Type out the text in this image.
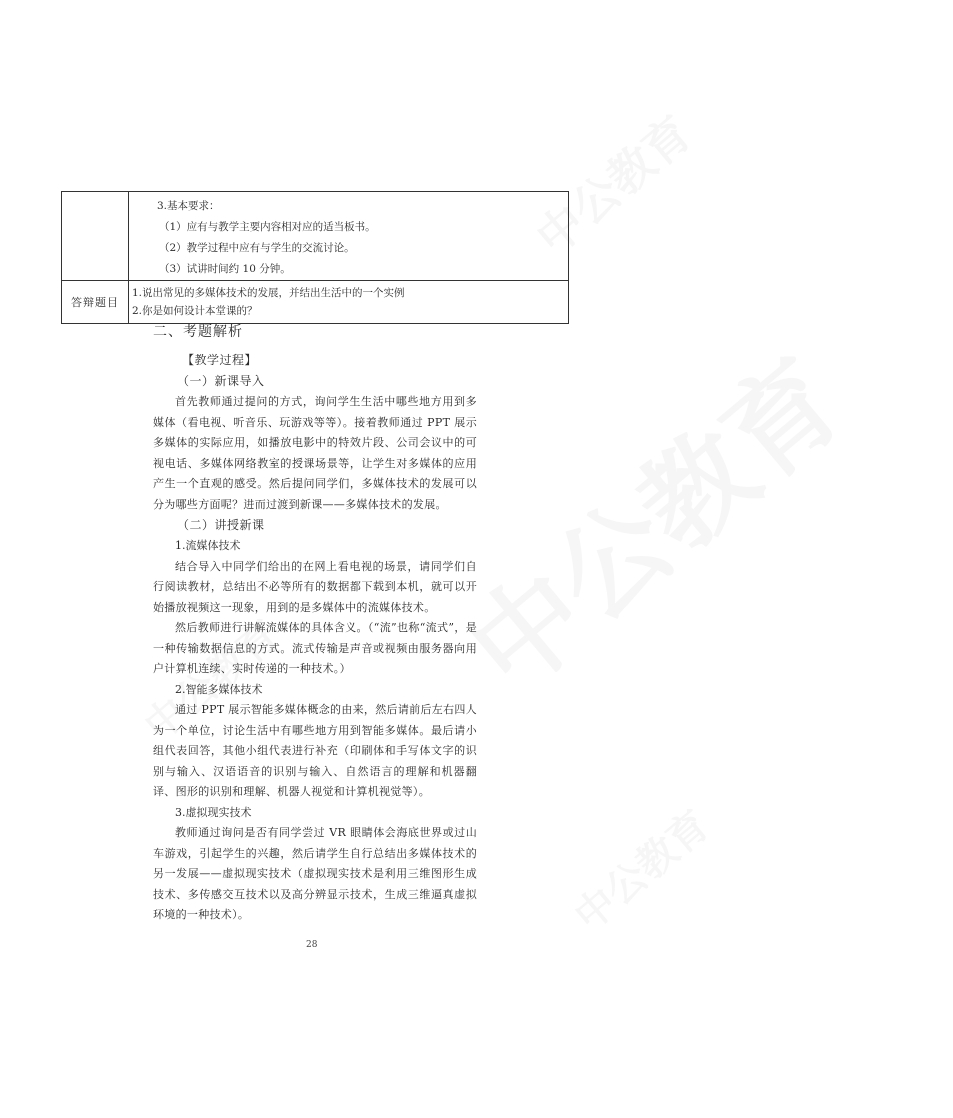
	3.基本要求：
（1）应有与教学主要内容相对应的适当板书。
（2）教学过程中应有与学生的交流讨论。
（3）试讲时间约 10 分钟。

答辩题目	1.说出常见的多媒体技术的发展，并结出生活中的一个实例
2.你是如何设计本堂课的？
二、考题解析
【教学过程】
（一）新课导入

首先教师通过提问的方式，询问学生生活中哪些地方用到多媒体（看电视、听音乐、玩游戏等等）。接着教师通过 PPT 展示多媒体的实际应用，如播放电影中的特效片段、公司会议中的可视电话、多媒体网络教室的授课场景等，让学生对多媒体的应用产生一个直观的感受。然后提问同学们，多媒体技术的发展可以分为哪些方面呢？进而过渡到新课——多媒体技术的发展。

（二）讲授新课

1.流媒体技术

结合导入中同学们给出的在网上看电视的场景，请同学们自行阅读教材，总结出不必等所有的数据都下载到本机，就可以开始播放视频这一现象，用到的是多媒体中的流媒体技术。

然后教师进行讲解流媒体的具体含义。（“流”也称“流式”，是一种传输数据信息的方式。流式传输是声音或视频由服务器向用户计算机连续、实时传递的一种技术。）

2.智能多媒体技术

通过 PPT 展示智能多媒体概念的由来，然后请前后左右四人为一个单位，讨论生活中有哪些地方用到智能多媒体。最后请小组代表回答，其他小组代表进行补充（印刷体和手写体文字的识别与输入、汉语语音的识别与输入、自然语言的理解和机器翻译、图形的识别和理解、机器人视觉和计算机视觉等）。

3.虚拟现实技术

教师通过询问是否有同学尝过 VR 眼睛体会海底世界或过山车游戏，引起学生的兴趣，然后请学生自行总结出多媒体技术的另一发展——虚拟现实技术（虚拟现实技术是利用三维图形生成技术、多传感交互技术以及高分辨显示技术，生成三维逼真虚拟环境的一种技术）。

28
